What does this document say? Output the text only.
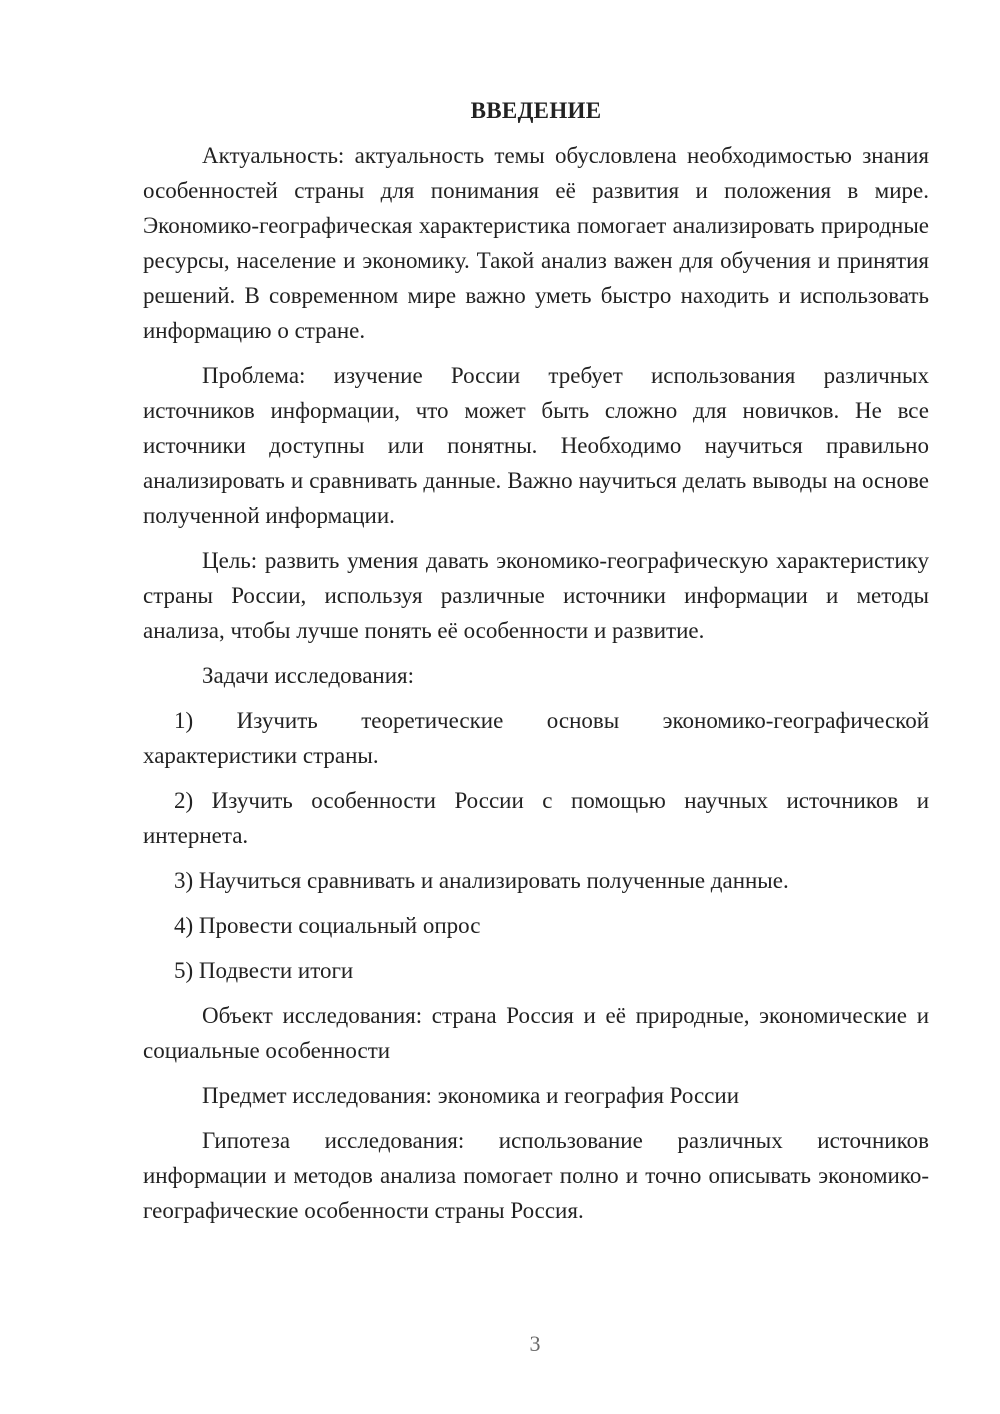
ВВЕДЕНИЕ

Актуальность: актуальность темы обусловлена необходимостью знания особенностей страны для понимания её развития и положения в мире. Экономико-географическая характеристика помогает анализировать природные ресурсы, население и экономику. Такой анализ важен для обучения и принятия решений. В современном мире важно уметь быстро находить и использовать информацию о стране.

Проблема: изучение России требует использования различных источников информации, что может быть сложно для новичков. Не все источники доступны или понятны. Необходимо научиться правильно анализировать и сравнивать данные. Важно научиться делать выводы на основе полученной информации.

Цель: развить умения давать экономико-географическую характеристику страны России, используя различные источники информации и методы анализа, чтобы лучше понять её особенности и развитие.

Задачи исследования:

1) Изучить теоретические основы экономико-географической характеристики страны.

2) Изучить особенности России с помощью научных источников и интернета.

3) Научиться сравнивать и анализировать полученные данные.

4) Провести социальный опрос

5) Подвести итоги

Объект исследования: страна Россия и её природные, экономические и социальные особенности

Предмет исследования: экономика и география России

Гипотеза исследования: использование различных источников информации и методов анализа помогает полно и точно описывать экономико-географические особенности страны Россия.

3
